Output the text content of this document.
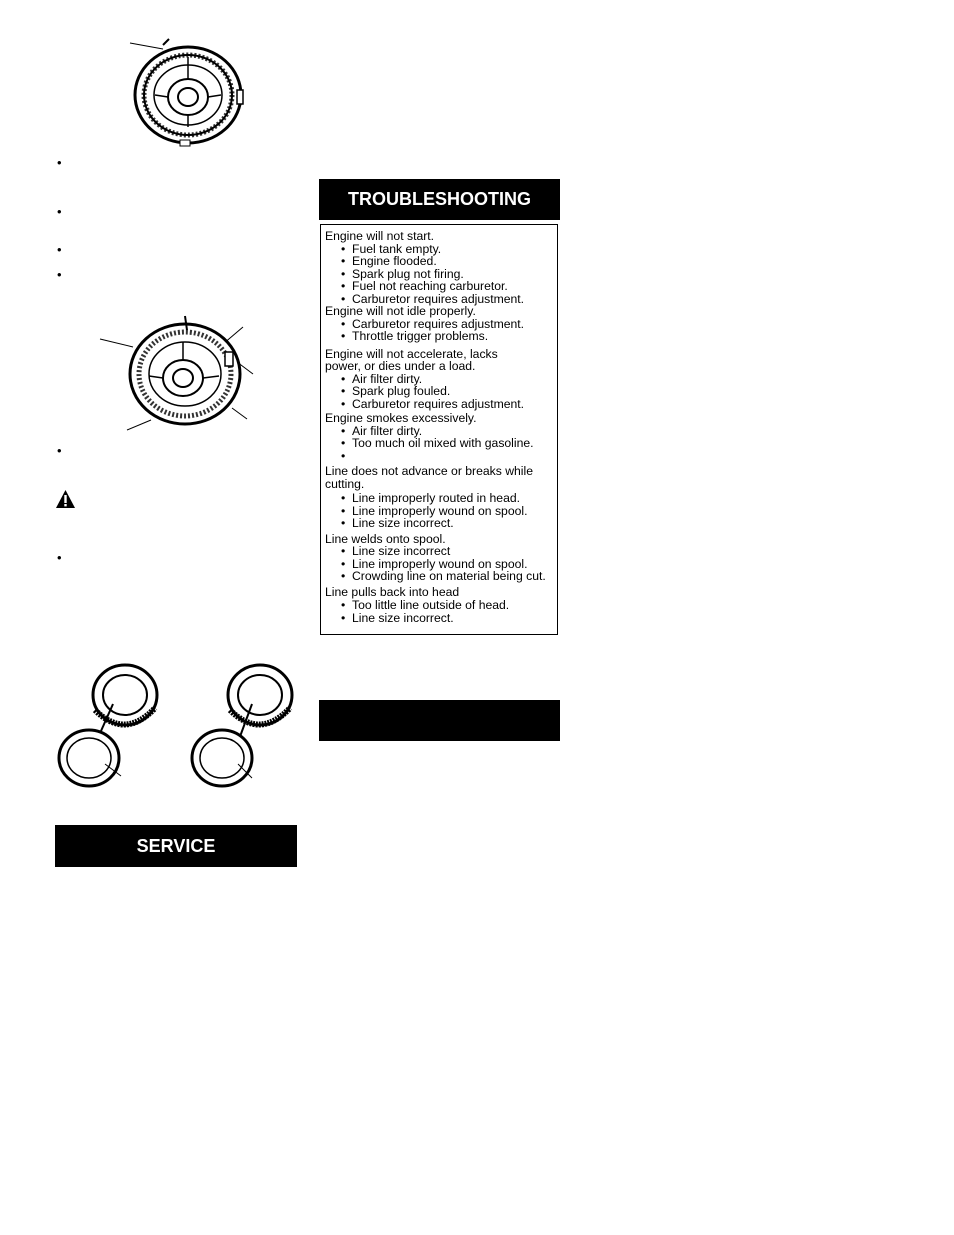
•
•
•
•
•
•
SERVICE
TROUBLESHOOTING

Engine will not start.

• Fuel tank empty.
• Engine flooded.
• Spark plug not firing.
• Fuel not reaching carburetor.
• Carburetor requires adjustment.

Engine will not idle properly.

• Carburetor requires adjustment.
• Throttle trigger problems.

Engine will not accelerate, lacks power, or dies under a load.

• Air filter dirty.
• Spark plug fouled.
• Carburetor requires adjustment.

Engine smokes excessively.

• Air filter dirty.
• Too much oil mixed with gasoline.
•

Line does not advance or breaks while cutting.

• Line improperly routed in head.
• Line improperly wound on spool.
• Line size incorrect.

Line welds onto spool.

• Line size incorrect
• Line improperly wound on spool.
• Crowding line on material being cut.

Line pulls back into head

• Too little line outside of head.
• Line size incorrect.
